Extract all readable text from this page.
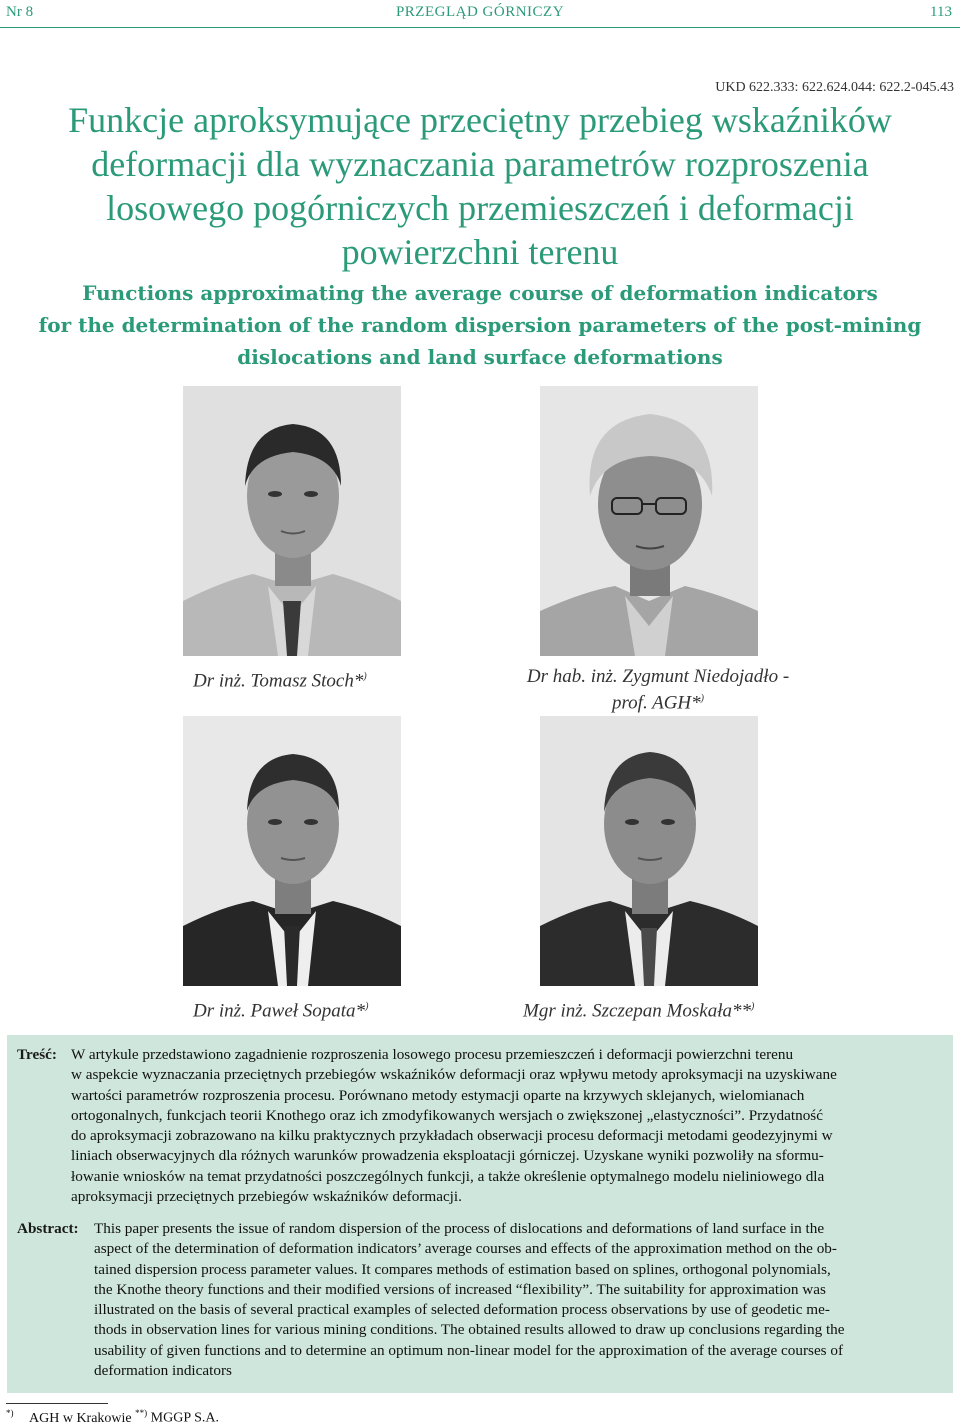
Nr 8	PRZEGLĄD GÓRNICZY	113
UKD 622.333: 622.624.044: 622.2-045.43
Funkcje aproksymujące przeciętny przebieg wskaźników
deformacji dla wyznaczania parametrów rozproszenia
losowego pogórniczych przemieszczeń i deformacji
powierzchni terenu
Functions approximating the average course of deformation indicators
for the determination of the random dispersion parameters of the post-mining
dislocations and land surface deformations
Dr inż. Tomasz Stoch*)	Dr hab. inż. Zygmunt Niedojadło -
prof. AGH*)
Dr inż. Paweł Sopata*)	Mgr inż. Szczepan Moskała**)
Treść: W artykule przedstawiono zagadnienie rozproszenia losowego procesu przemieszczeń i deformacji powierzchni terenu
w aspekcie wyznaczania przeciętnych przebiegów wskaźników deformacji oraz wpływu metody aproksymacji na uzyskiwane
wartości parametrów rozproszenia procesu. Porównano metody estymacji oparte na krzywych sklejanych, wielomianach
ortogonalnych, funkcjach teorii Knothego oraz ich zmodyfikowanych wersjach o zwiększonej „elastyczności”. Przydatność
do aproksymacji zobrazowano na kilku praktycznych przykładach obserwacji procesu deformacji metodami geodezyjnymi w
liniach obserwacyjnych dla różnych warunków prowadzenia eksploatacji górniczej. Uzyskane wyniki pozwoliły na sformu-
łowanie wniosków na temat przydatności poszczególnych funkcji, a także określenie optymalnego modelu nieliniowego dla
aproksymacji przeciętnych przebiegów wskaźników deformacji.
Abstract: This paper presents the issue of random dispersion of the process of dislocations and deformations of land surface in the
aspect of the determination of deformation indicators’ average courses and effects of the approximation method on the ob-
tained dispersion process parameter values. It compares methods of estimation based on splines, orthogonal polynomials,
the Knothe theory functions and their modified versions of increased “flexibility”. The suitability for approximation was
illustrated on the basis of several practical examples of selected deformation process observations by use of geodetic me-
thods in observation lines for various mining conditions. The obtained results allowed to draw up conclusions regarding the
usability of given functions and to determine an optimum non-linear model for the approximation of the average courses of
deformation indicators
*) AGH w Krakowie **) MGGP S.A.
